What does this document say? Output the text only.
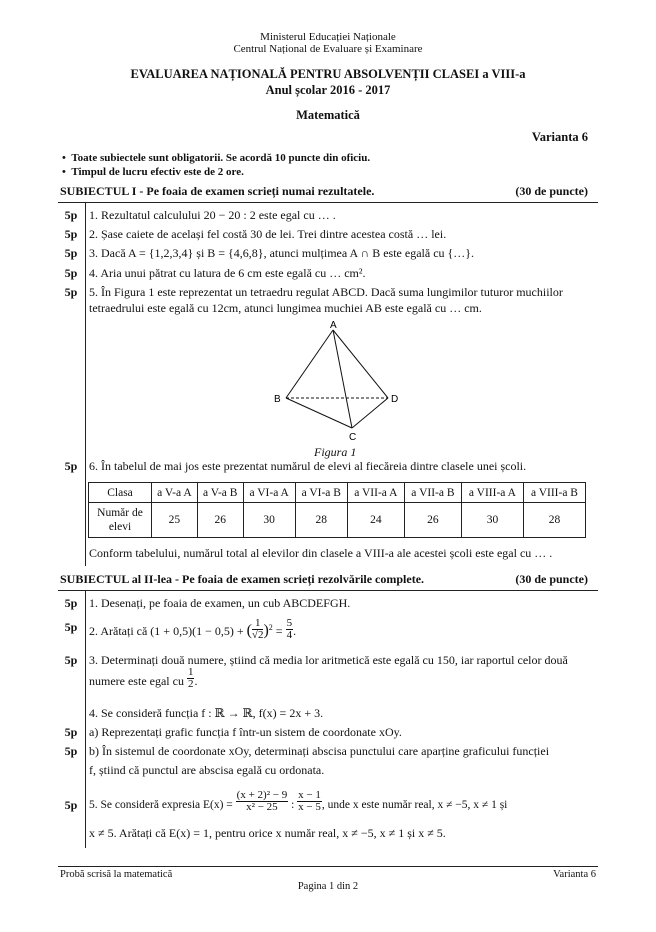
Ministerul Educației Naționale
Centrul Național de Evaluare și Examinare
EVALUAREA NAȚIONALĂ PENTRU ABSOLVENȚII CLASEI a VIII-a
Anul școlar 2016 - 2017
Matematică
Varianta 6
•  Toate subiectele sunt obligatorii. Se acordă 10 puncte din oficiu.
•  Timpul de lucru efectiv este de 2 ore.
SUBIECTUL I - Pe foaia de examen scrieți numai rezultatele.	(30 de puncte)
5p 1. Rezultatul calculului 20 − 20 : 2 este egal cu … .
5p 2. Șase caiete de același fel costă 30 de lei. Trei dintre acestea costă … lei.
5p 3. Dacă A = {1,2,3,4} și B = {4,6,8}, atunci mulțimea A ∩ B este egală cu {…}.
5p 4. Aria unui pătrat cu latura de 6 cm este egală cu … cm².
5p 5. În Figura 1 este reprezentat un tetraedru regulat ABCD. Dacă suma lungimilor tuturor muchiilor
tetraedrului este egală cu 12cm, atunci lungimea muchiei AB este egală cu … cm.
A
B	D
C
Figura 1
5p 6. În tabelul de mai jos este prezentat numărul de elevi al fiecăreia dintre clasele unei școli.
Clasa	a V-a A	a V-a B	a VI-a A	a VI-a B	a VII-a A	a VII-a B	a VIII-a A	a VIII-a B
Număr de
elevi	25	26	30	28	24	26	30	28
Conform tabelului, numărul total al elevilor din clasele a VIII-a ale acestei școli este egal cu … .
SUBIECTUL al II-lea - Pe foaia de examen scrieți rezolvările complete.	(30 de puncte)
5p 1. Desenați, pe foaia de examen, un cub ABCDEFGH.
5p 2. Arătați că (1 + 0,5)(1 − 0,5) + ( $\frac{1}{√2} )^2 = \frac{5}{4}$ .
5p 3. Determinați două numere, știind că media lor aritmetică este egală cu 150, iar raportul celor două
numere este egal cu $\frac{1}{2}$ .
4. Se consideră funcția f : ℝ → ℝ, f(x) = 2x + 3.
5p a) Reprezentați grafic funcția f într-un sistem de coordonate xOy.
5p b) În sistemul de coordonate xOy, determinați abscisa punctului care aparține graficului funcției
f, știind că punctul are abscisa egală cu ordonata.
5p	5. Se consideră expresia $E(x) = \frac{\text{(x + 2)² − 9}}{\text{x² − 25}}$ : $\frac{x - 1}{x - 5}$ , unde x este număr real, x ≠ −5, x ≠ 1 și
x ≠ 5. Arătați că E(x) = 1, pentru orice x număr real, x ≠ −5, x ≠ 1 și x ≠ 5.
Probă scrisă la matematică	Varianta 6
Pagina 1 din 2
